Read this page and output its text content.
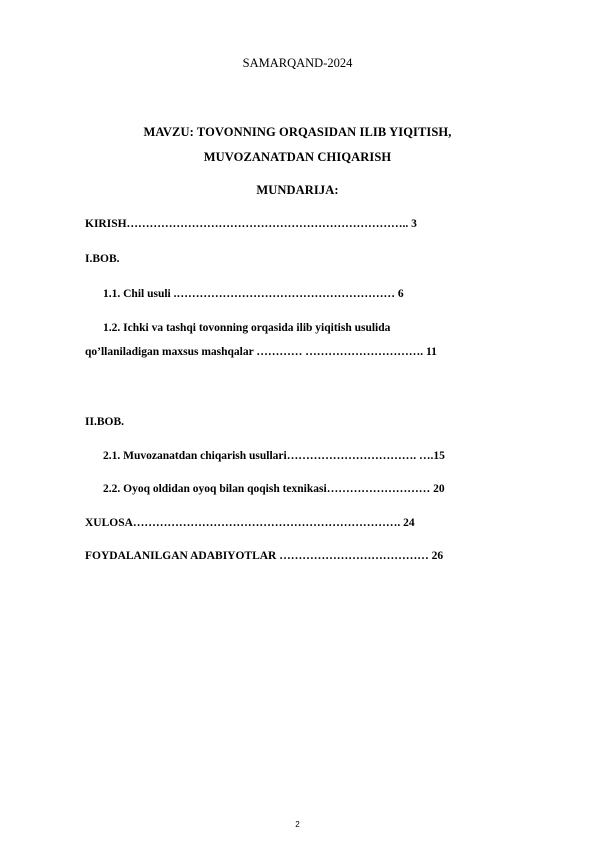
SAMARQAND-2024
MAVZU: TOVONNING ORQASIDAN ILIB YIQITISH,
MUVOZANATDAN CHIQARISH
MUNDARIJA:
KIRISH……………………………………………………………….. 3
I.BOB.
1.1. Chil usuli .………………………………………………… 6
1.2. Ichki va tashqi tovonning orqasida ilib yiqitish usulida
qo’llaniladigan maxsus mashqalar ………… …………………………. 11
II.BOB.
2.1. Muvozanatdan chiqarish usullari……………………………. ….15
2.2. Oyoq oldidan oyoq bilan qoqish texnikasi……………………… 20
XULOSA……………………………………………………………. 24
FOYDALANILGAN ADABIYOTLAR ………………………………… 26
2
